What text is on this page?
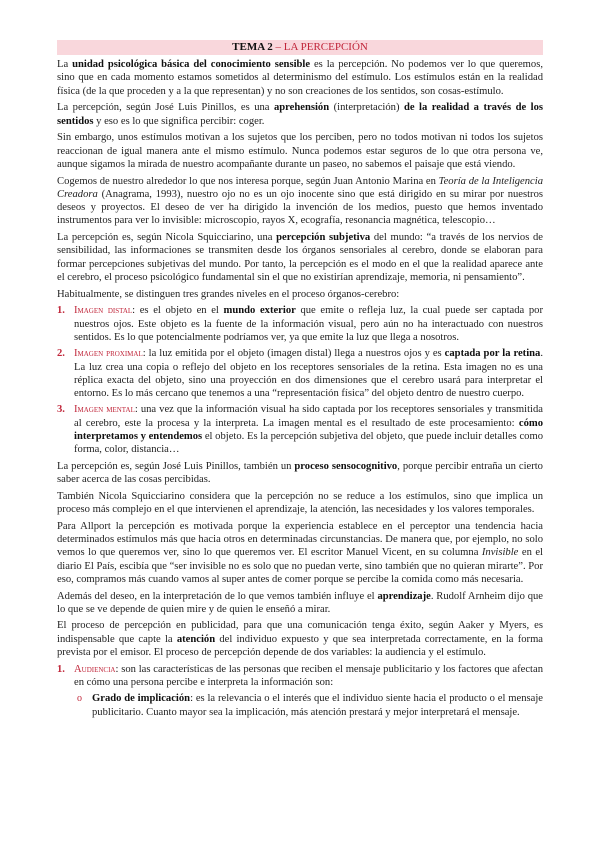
TEMA 2 – LA PERCEPCIÓN

La unidad psicológica básica del conocimiento sensible es la percepción. No podemos ver lo que queremos, sino que en cada momento estamos sometidos al determinismo del estímulo. Los estímulos están en la realidad física (de la que proceden y a la que representan) y no son creaciones de los sentidos, son cosas-estímulo.

La percepción, según José Luis Pinillos, es una aprehensión (interpretación) de la realidad a través de los sentidos y eso es lo que significa percibir: coger.

Sin embargo, unos estímulos motivan a los sujetos que los perciben, pero no todos motivan ni todos los sujetos reaccionan de igual manera ante el mismo estímulo. Nunca podemos estar seguros de lo que otra persona ve, aunque sigamos la mirada de nuestro acompañante durante un paseo, no sabemos el paisaje que está viendo.

Cogemos de nuestro alrededor lo que nos interesa porque, según Juan Antonio Marina en Teoría de la Inteligencia Creadora (Anagrama, 1993), nuestro ojo no es un ojo inocente sino que está dirigido en su mirar por nuestros deseos y proyectos. El deseo de ver ha dirigido la invención de los medios, puesto que hemos inventado instrumentos para ver lo invisible: microscopio, rayos X, ecografía, resonancia magnética, telescopio…

La percepción es, según Nicola Squicciarino, una percepción subjetiva del mundo: “a través de los nervios de sensibilidad, las informaciones se transmiten desde los órganos sensoriales al cerebro, donde se elaboran para formar percepciones subjetivas del mundo. Por tanto, la percepción es el modo en el que la realidad aparece ante el cerebro, el proceso psicológico fundamental sin el que no existirían aprendizaje, memoria, ni pensamiento”.

Habitualmente, se distinguen tres grandes niveles en el proceso órganos-cerebro:

1. Imagen distal: es el objeto en el mundo exterior que emite o refleja luz, la cual puede ser captada por nuestros ojos. Este objeto es la fuente de la información visual, pero aún no ha interactuado con nuestros sentidos. Es lo que potencialmente podríamos ver, ya que emite la luz que llega a nosotros.
2. Imagen proximal: la luz emitida por el objeto (imagen distal) llega a nuestros ojos y es captada por la retina. La luz crea una copia o reflejo del objeto en los receptores sensoriales de la retina. Esta imagen no es una réplica exacta del objeto, sino una proyección en dos dimensiones que el cerebro usará para interpretar el entorno. Es lo más cercano que tenemos a una “representación física” del objeto dentro de nuestro cuerpo.
3. Imagen mental: una vez que la información visual ha sido captada por los receptores sensoriales y transmitida al cerebro, este la procesa y la interpreta. La imagen mental es el resultado de este procesamiento: cómo interpretamos y entendemos el objeto. Es la percepción subjetiva del objeto, que puede incluir detalles como forma, color, distancia…

La percepción es, según José Luis Pinillos, también un proceso sensocognitivo, porque percibir entraña un cierto saber acerca de las cosas percibidas.

También Nicola Squicciarino considera que la percepción no se reduce a los estímulos, sino que implica un proceso más complejo en el que intervienen el aprendizaje, la atención, las necesidades y los valores temporales.

Para Allport la percepción es motivada porque la experiencia establece en el perceptor una tendencia hacia determinados estímulos más que hacia otros en determinadas circunstancias. De manera que, por ejemplo, no solo vemos lo que queremos ver, sino lo que queremos ver. El escritor Manuel Vicent, en su columna Invisible en el diario El País, escibía que “ser invisible no es solo que no puedan verte, sino también que no quieran mirarte”. Por eso, compramos más cuando vamos al super antes de comer porque se percibe la comida como más necesaria.

Además del deseo, en la interpretación de lo que vemos también influye el aprendizaje. Rudolf Arnheim dijo que lo que se ve depende de quien mire y de quien le enseñó a mirar.

El proceso de percepción en publicidad, para que una comunicación tenga éxito, según Aaker y Myers, es indispensable que capte la atención del individuo expuesto y que sea interpretada correctamente, en la forma prevista por el emisor. El proceso de percepción depende de dos variables: la audiencia y el estímulo.

1. Audiencia: son las características de las personas que reciben el mensaje publicitario y los factores que afectan en cómo una persona percibe e interpreta la información son:
o Grado de implicación: es la relevancia o el interés que el individuo siente hacia el producto o el mensaje publicitario. Cuanto mayor sea la implicación, más atención prestará y mejor interpretará el mensaje.
